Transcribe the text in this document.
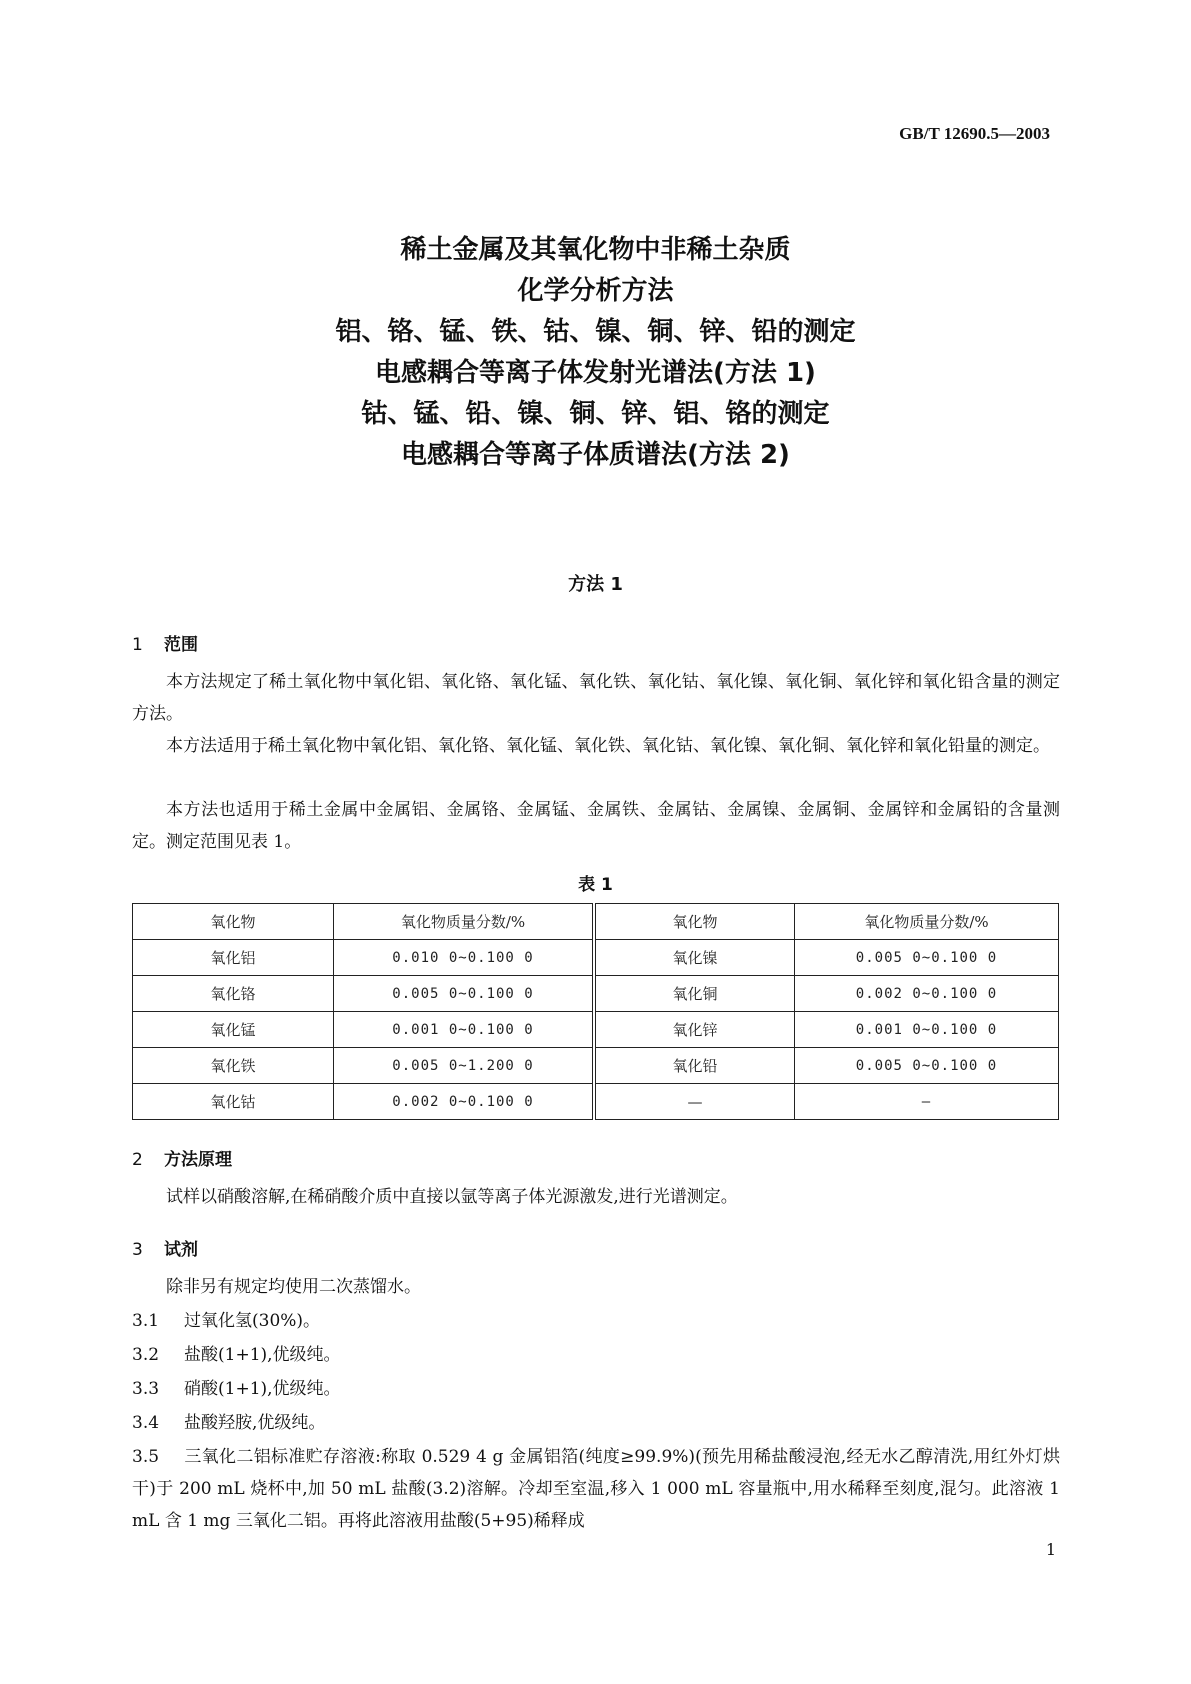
GB/T 12690.5—2003
稀土金属及其氧化物中非稀土杂质
化学分析方法
铝、铬、锰、铁、钴、镍、铜、锌、铅的测定
电感耦合等离子体发射光谱法(方法 1)
钴、锰、铅、镍、铜、锌、铝、铬的测定
电感耦合等离子体质谱法(方法 2)
方法 1
1 范围
本方法规定了稀土氧化物中氧化铝、氧化铬、氧化锰、氧化铁、氧化钴、氧化镍、氧化铜、氧化锌和氧化铅含量的测定方法。
本方法适用于稀土氧化物中氧化铝、氧化铬、氧化锰、氧化铁、氧化钴、氧化镍、氧化铜、氧化锌和氧化铅量的测定。
本方法也适用于稀土金属中金属铝、金属铬、金属锰、金属铁、金属钴、金属镍、金属铜、金属锌和金属铅的含量测定。测定范围见表 1。
表 1
氧化物	氧化物质量分数/%	氧化物	氧化物质量分数/%
氧化铝	0.010 0~0.100 0	氧化镍	0.005 0~0.100 0
氧化铬	0.005 0~0.100 0	氧化铜	0.002 0~0.100 0
氧化锰	0.001 0~0.100 0	氧化锌	0.001 0~0.100 0
氧化铁	0.005 0~1.200 0	氧化铅	0.005 0~0.100 0
氧化钴	0.002 0~0.100 0	—	—
2 方法原理
试样以硝酸溶解,在稀硝酸介质中直接以氩等离子体光源激发,进行光谱测定。
3 试剂
除非另有规定均使用二次蒸馏水。
3.1 过氧化氢(30%)。
3.2 盐酸(1+1),优级纯。
3.3 硝酸(1+1),优级纯。
3.4 盐酸羟胺,优级纯。
3.5 三氧化二铝标准贮存溶液:称取 0.529 4 g 金属铝箔(纯度≥99.9%)(预先用稀盐酸浸泡,经无水乙醇清洗,用红外灯烘干)于 200 mL 烧杯中,加 50 mL 盐酸(3.2)溶解。冷却至室温,移入 1 000 mL 容量瓶中,用水稀释至刻度,混匀。此溶液 1 mL 含 1 mg 三氧化二铝。再将此溶液用盐酸(5+95)稀释成
1
